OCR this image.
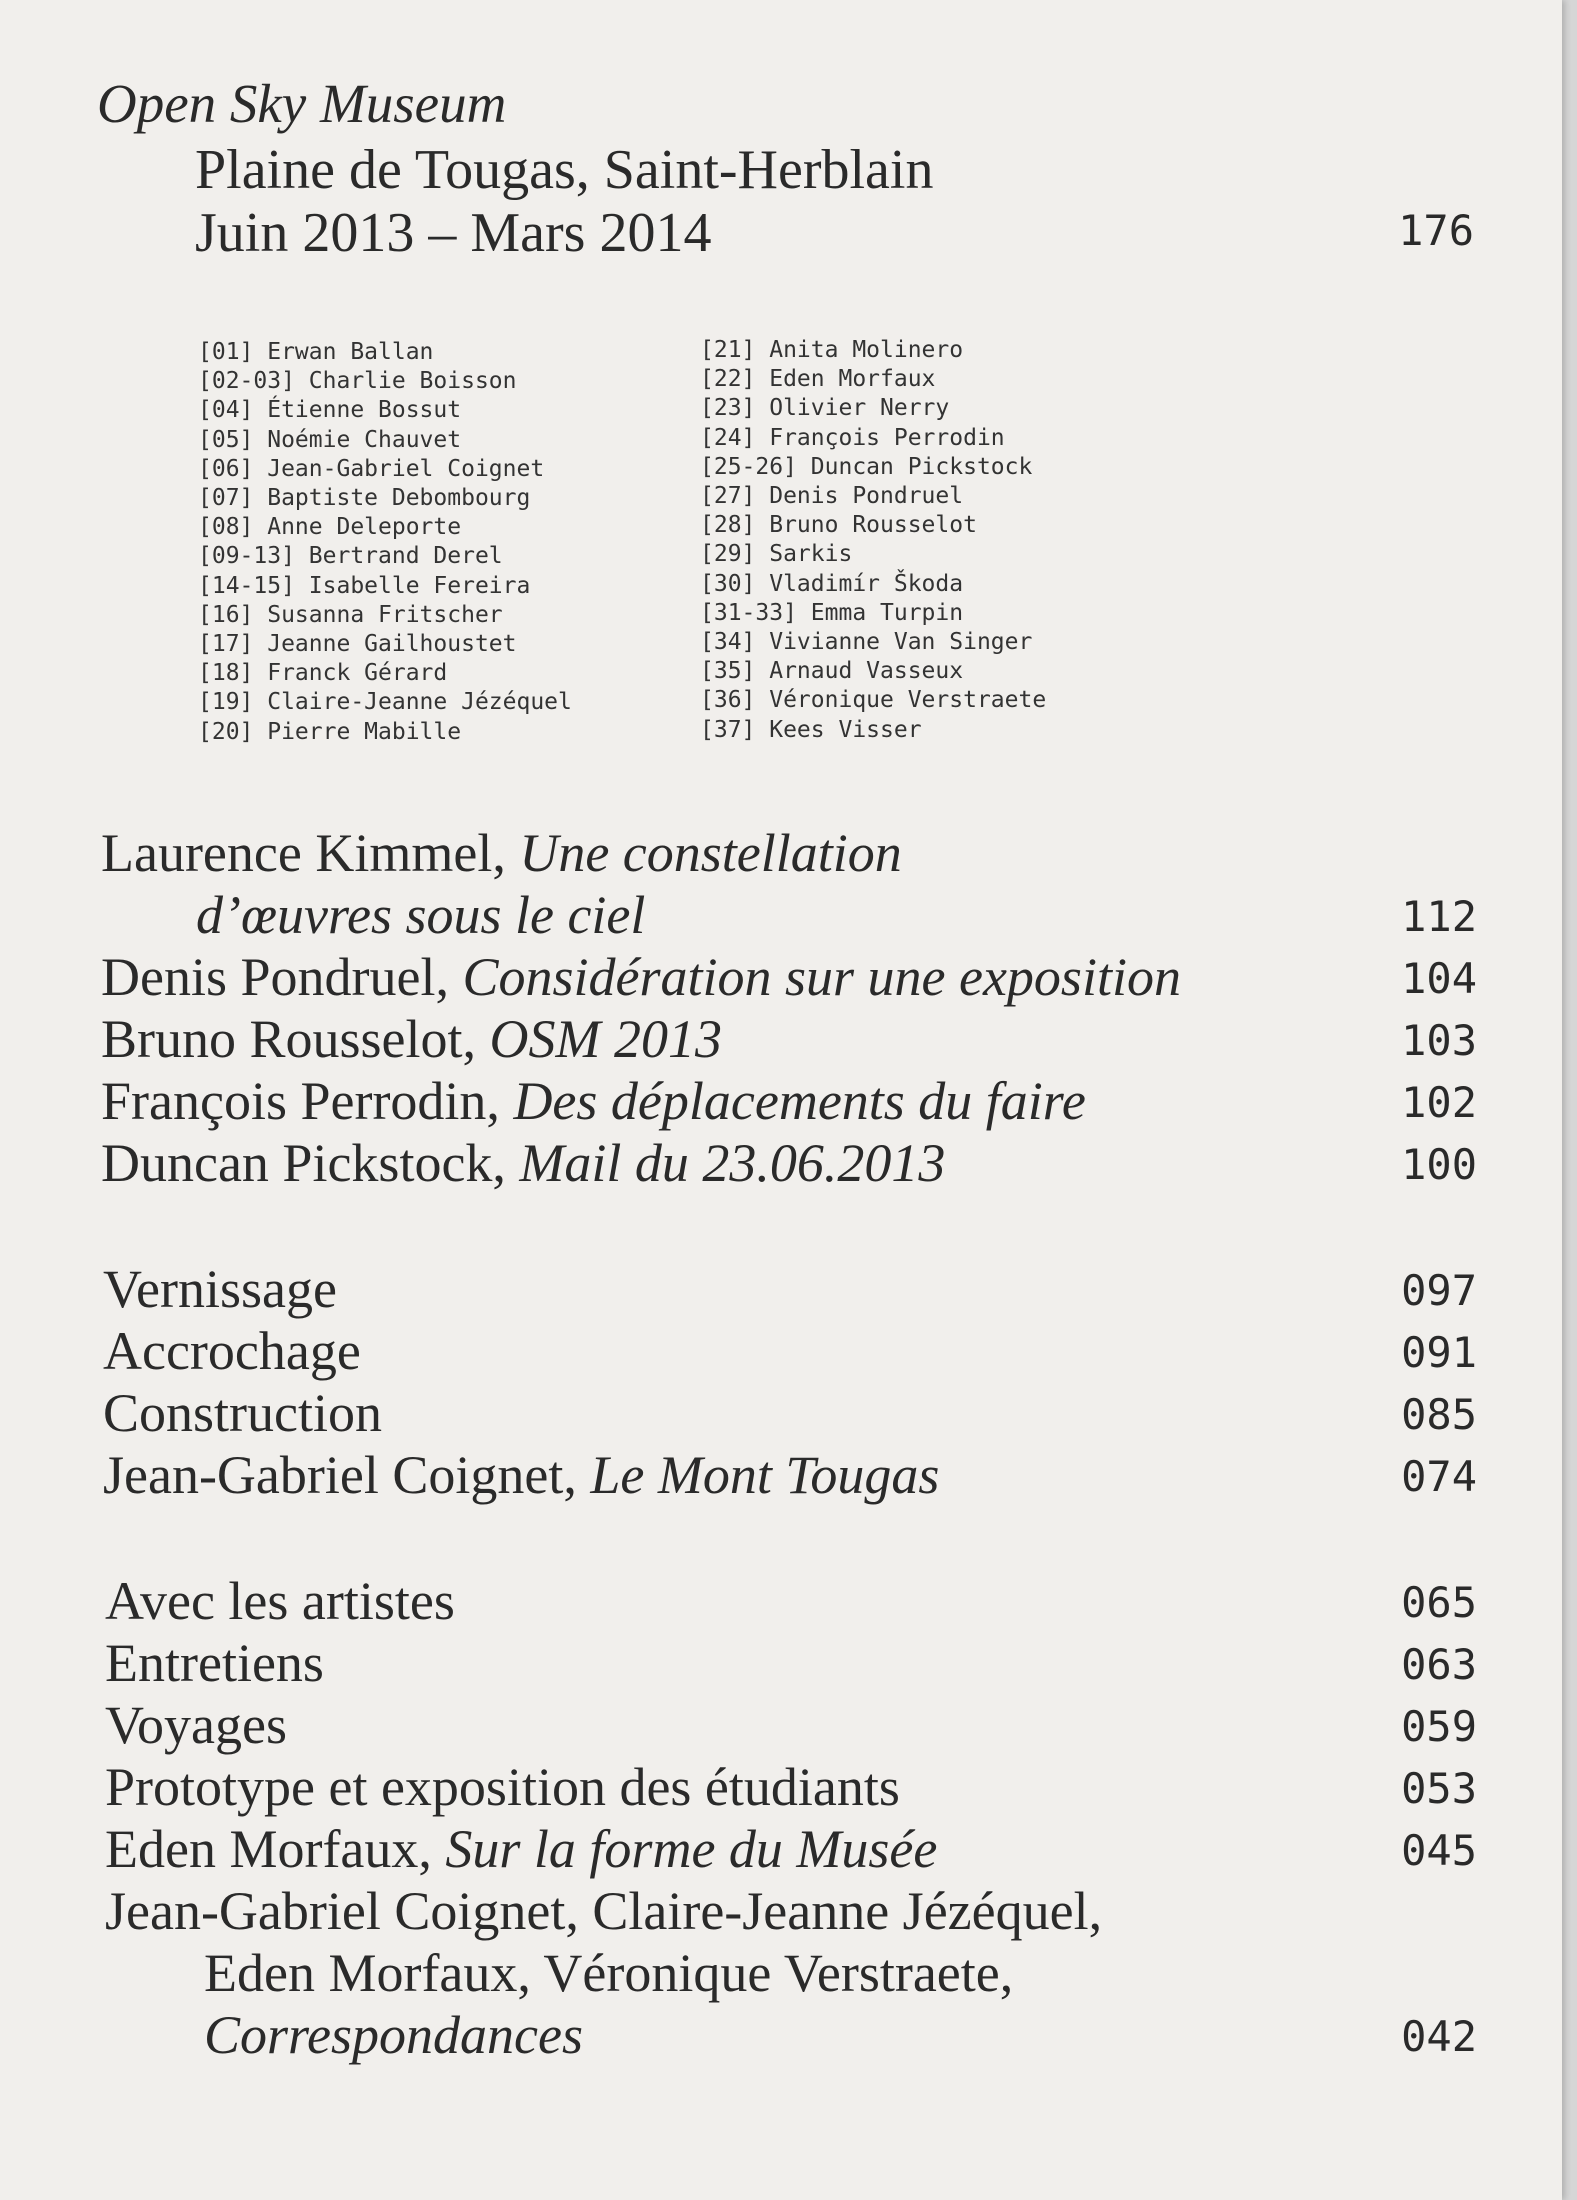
Open Sky Museum
Plaine de Tougas, Saint-Herblain
Juin 2013 – Mars 2014	176
[01] Erwan Ballan
[02-03] Charlie Boisson
[04] Étienne Bossut
[05] Noémie Chauvet
[06] Jean-Gabriel Coignet
[07] Baptiste Debombourg
[08] Anne Deleporte
[09-13] Bertrand Derel
[14-15] Isabelle Fereira
[16] Susanna Fritscher
[17] Jeanne Gailhoustet
[18] Franck Gérard
[19] Claire-Jeanne Jézéquel
[20] Pierre Mabille
[21] Anita Molinero
[22] Eden Morfaux
[23] Olivier Nerry
[24] François Perrodin
[25-26] Duncan Pickstock
[27] Denis Pondruel
[28] Bruno Rousselot
[29] Sarkis
[30] Vladimír Škoda
[31-33] Emma Turpin
[34] Vivianne Van Singer
[35] Arnaud Vasseux
[36] Véronique Verstraete
[37] Kees Visser
Laurence Kimmel, Une constellation
d’œuvres sous le ciel	112
Denis Pondruel, Considération sur une exposition	104
Bruno Rousselot, OSM 2013	103
François Perrodin, Des déplacements du faire	102
Duncan Pickstock, Mail du 23.06.2013	100
Vernissage	097
Accrochage	091
Construction	085
Jean-Gabriel Coignet, Le Mont Tougas	074
Avec les artistes	065
Entretiens	063
Voyages	059
Prototype et exposition des étudiants	053
Eden Morfaux, Sur la forme du Musée	045
Jean-Gabriel Coignet, Claire-Jeanne Jézéquel,
Eden Morfaux, Véronique Verstraete,
Correspondances	042
